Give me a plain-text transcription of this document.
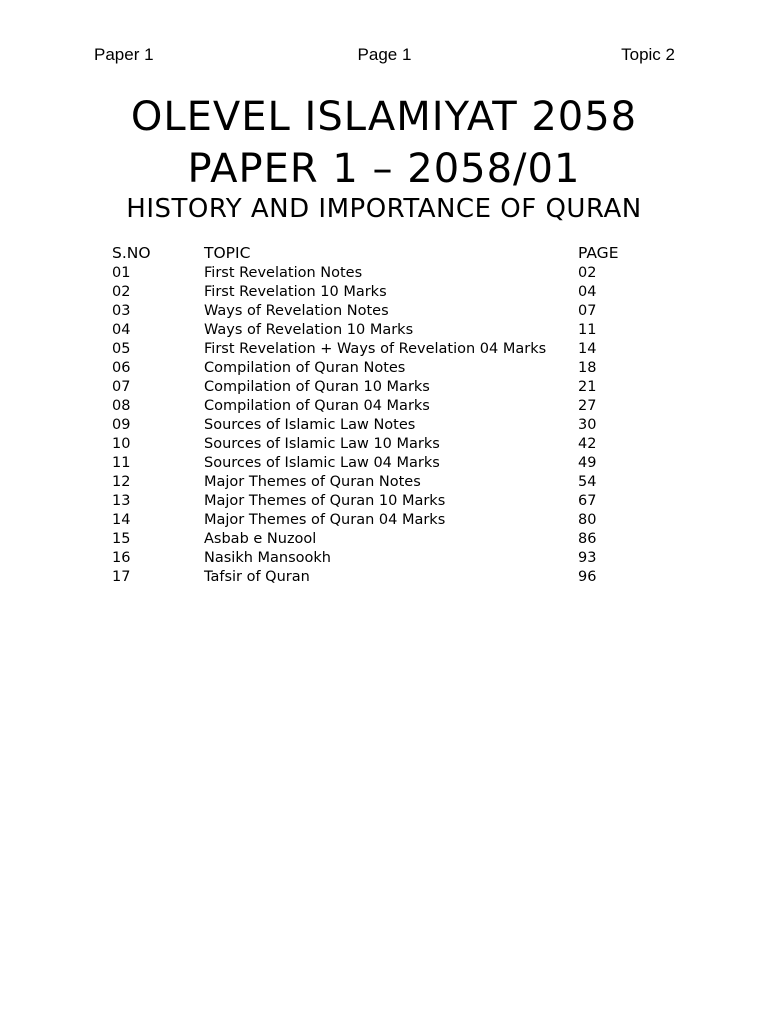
Paper 1	Page 1	Topic 2
OLEVEL ISLAMIYAT 2058
PAPER 1 – 2058/01
HISTORY AND IMPORTANCE OF QURAN
S.NO	TOPIC	PAGE
01	First Revelation Notes	02
02	First Revelation 10 Marks	04
03	Ways of Revelation Notes	07
04	Ways of Revelation 10 Marks	11
05	First Revelation + Ways of Revelation 04 Marks 14
06	Compilation of Quran Notes	18
07	Compilation of Quran 10 Marks	21
08	Compilation of Quran 04 Marks	27
09	Sources of Islamic Law Notes	30
10	Sources of Islamic Law 10 Marks	42
11	Sources of Islamic Law 04 Marks	49
12	Major Themes of Quran Notes	54
13	Major Themes of Quran 10 Marks	67
14	Major Themes of Quran 04 Marks	80
15	Asbab e Nuzool	86
16	Nasikh Mansookh	93
17	Tafsir of Quran	96
